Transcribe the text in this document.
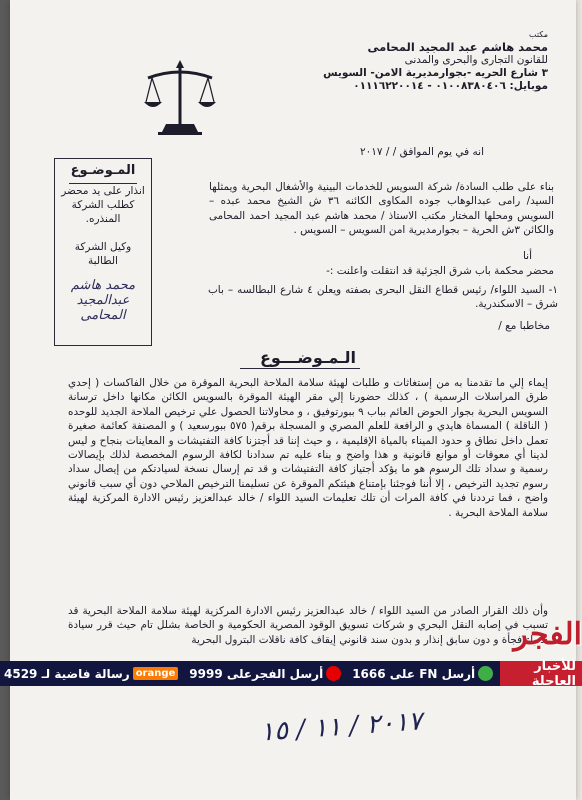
مكتب
محمد هاشم عبد المجيد المحامى
للقانون التجارى والبحرى والمدنى
٣ شارع الحريه -بجوارمديرية الامن- السويس
موبايل: ٠١٠٠٨٣٨٠٤٠٦ - ٠١١١٦٢٢٠٠١٤
انه في يوم الموافق / / ٢٠١٧
بناء على طلب السادة/ شركة السويس للخدمات البينية والأشغال البحرية ويمثلها السيد/ رامى عبدالوهاب جوده المكاوى الكائنه ٣٦ ش الشيخ محمد عبده – السويس ومحلها المختار مكتب الاستاذ / محمد هاشم عبد المجيد احمد المحامى والكائن ٣ش الحرية – بجوارمديرية امن السويس – السويس .
أنا
محضر محكمة باب شرق الجزئية قد انتقلت واعلنت :-
١- السيد اللواء/ رئيس قطاع النقل البحرى بصفته ويعلن ٤ شارع البطالسه – باب شرق – الاسكندرية.
مخاطبا مع /
المـوضـوع
انذار على يد محضر كطلب الشركة المنذره.
وكيل الشركة الطالبة
محمد هاشم عبدالمجيد المحامى
الـمـوضـــوع
إيماء إلي ما تقدمنا به من إستغاثات و طلبات لهيئة سلامة الملاحة البحرية الموقرة من خلال الفاكسات ( إحدي طرق المراسلات الرسمية ) ، كذلك حضورنا إلي مقر الهيئة الموقرة بالسويس الكائن مكانها داخل ترسانة السويس البحرية بجوار الحوض العائم بباب ٩ ببورتوفيق ، و محاولاتنا الحصول علي ترخيص الملاحة الجديد للوحده ( الناقلة ) المسماة هايدي و الرافعة للعلم المصري و المسجلة برقم( ٥٧٥ ببورسعيد ) و المصنفة كعائمة صغيرة تعمل داخل نطاق و حدود الميناء بالمياة الإقليمية ، و حيث إننا قد أجتزنا كافة التفتيشات و المعاينات بنجاح و ليس لدينا أي معوقات أو موانع قانونية و هذا واضح و بناء عليه تم سدادنا لكافة الرسوم المخصصة لذلك بإيصالات رسمية و سداد تلك الرسوم هو ما يؤكد أجتياز كافة التفتيشات و قد تم إرسال نسخة لسيادتكم من إيصال سداد رسوم تجديد الترخيص ، إلا أننا فوجئنا بإمتناع هيئتكم الموقرة عن تسليمنا الترخيص الملاحي دون أي سبب قانوني واضح ، فما ترددنا في كافة المرات أن تلك تعليمات السيد اللواء / خالد عبدالعزيز رئيس الادارة المركزية لهيئة سلامة الملاحة البحرية .
وأن ذلك القرار الصادر من السيد اللواء / خالد عبدالعزيز رئيس الادارة المركزية لهيئة سلامة الملاحة البحرية قد تسبب في إصابه النقل البحري و شركات تسويق الوقود المصرية الحكومية و الخاصة بشلل تام حيث قرر سيادة اللواء فجأة و دون سابق إنذار و بدون سند قانوني إيقاف كافة ناقلات البترول البحرية
٢٠١٧ / ١١ / ١٥
الفجر
للأخبار العاجلة
أرسل FN على 1666
أرسل الفجرعلى 9999
orange
رسالة فاضية لـ 4529
